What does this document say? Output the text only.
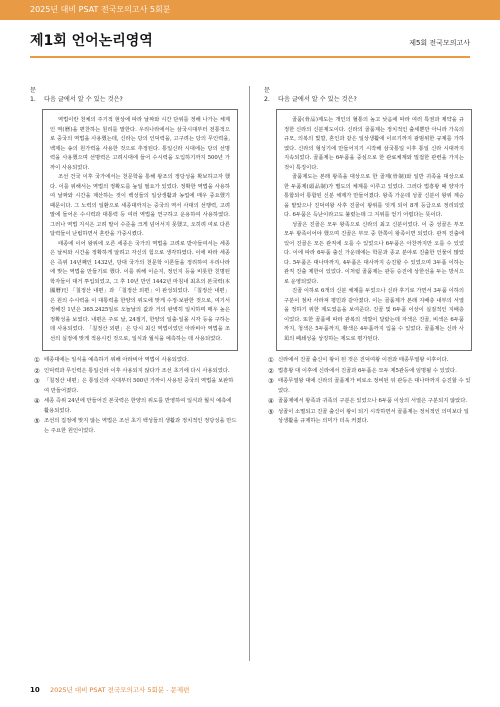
2025년 대비 PSAT 전국모의고사 5회분
제1회 언어논리영역	제5회 전국모의고사
문 1. 다음 글에서 알 수 있는 것은?

역법이란 천체의 주기적 현상에 따라 날짜와 시간 단위를 정해 나가는 체계인 역(曆)을 편찬하는 원리를 말한다. 우리나라에서는 삼국시대부터 전통적으로 중국의 역법을 사용했는데, 신라는 당의 인덕력을, 고구려는 당의 무인력을, 백제는 송의 원가력을 사용한 것으로 추정된다. 통일신라 시대에는 당의 선명력을 사용했으며 선명력은 고려시대에 들어 수시력을 도입하기까지 500년 가까이 사용되었다.

조선 건국 이후 국가에서는 천문학을 통해 왕조의 정당성을 확보하고자 했다. 이를 위해서는 역법의 정확도를 높일 필요가 있었다. 정확한 역법을 사용하여 날짜와 시간을 계산하는 것이 백성들의 일상생활과 농업에 매우 중요했기 때문이다. 그 노력의 일환으로 세종대까지는 중국의 역서 사대의 선행력, 고려 말에 들어온 수시력과 대통력 등 여러 역법을 연구하고 운용하여 사용하였다. 그러나 역법 지식은 고려 말이 수준을 크게 넘어서지 못했고, 오히려 여로 다른 달력들이 난립하면서 혼란을 가중시켰다.

태종에 이어 왕위에 오른 세종은 국가의 역법을 고려로 받아들여서는 세종은 날씨와 시간을 정확하게 알려고 자신의 힘으로 생각하였다. 이에 따라 세종은 즉위 14년째인 1432년, 당대 국가의 천문학 이론들을 정리하여 우리나라에 맞는 역법을 만들기로 했다. 이를 위해 이순지, 정인지 등을 비롯한 친명된 학자들이 대거 투입되었고, 그 후 10년 만인 1442년 마침내 최초의 본국력(本國曆)인 「칠정산 내편」과 「칠정산 외편」이 완성되었다. 「칠정산 내편」은 원의 수시력을 이 대통력을 한양의 위도에 맞게 수정·보완한 것으로, 여기서 정해진 1년은 365.2425일로 오늘날의 값과 거의 완벽히 일치하며 매우 높은 정확성을 보였다. 내편은 주로 날, 24절기, 한양의 일출·일몰 시각 등을 구하는 데 사용되었다. 「칠정산 외편」은 당시 최신 역법이었던 아라비아 역법을 조선의 실정에 맞게 적용시킨 것으로, 일식과 월식을 예측하는 데 사용되었다.

① 태종대에는 일식을 예측하기 위해 아라비아 역법이 사용되었다.
② 인덕력과 무인력은 통일신라 이후 사용되지 않다가 조선 초기에 다시 사용되었다.
③ 「칠정산 내편」은 통일신라 시대부터 500년 가까이 사용된 중국의 역법을 보완하여 만들어졌다.
④ 세종 즉위 24년에 만들어진 본국력은 한양의 위도를 반영하여 일식과 월식 예측에 활용되었다.
⑤ 조선의 집정에 맞지 않는 역법은 조선 초기 백성들의 생활과 정치적인 정당성을 만드는 주요한 원인이었다.
문 2. 다음 글에서 알 수 있는 것은?

골품(骨品)제도는 개인의 혈통의 높고 낮음에 따라 여러 특권과 제약을 규정한 신라의 신분제도이다. 신라의 골품제는 정치적인 출세뿐만 아니라 가옥의 규모, 의복의 빛깔, 혼인과 같은 일상생활에 이르기까지 광범위한 규제를 가하였다. 신라의 형성기에 만들어지기 시작해 삼국통일 이후 통일 신라 시대까지 지속되었다. 골품제는 6두품을 중심으로 한 관료체계와 밀접한 관련을 가지는 것이 특징이다.

골품제도는 본래 왕족을 대상으로 한 골제(骨制)와 일반 귀족을 대상으로 한 두품제(頭品制)가 별도의 체계를 이루고 있었다. 그러다 법흥왕 때 양자가 통합되어 통합된 신분 체제가 만들어졌다. 왕족 가운데 성골 신분이 왕위 계승을 맡았으나 진덕여왕 사후 진골이 왕위를 잇게 되어 8개 등급으로 정리되었다. 6두품은 득난이라고도 불렸는데 그 지위를 얻기 어렵다는 뜻이다.

성골은 진골은 모두 왕족으로 신라의 최고 신분이었다. 이 중 성골은 부모 모두 왕족이어야 했으며 진골은 부모 중 한쪽이 왕족이면 되었다. 관직 진출에 있어 진골은 모든 관직에 오를 수 있었으나 6두품은 아찬까지만 오를 수 있었다. 이에 따라 6두품 출신 가운데에는 학문과 종교 분야로 진출한 인물이 많았다. 5두품은 대나마까지, 4두품은 대사까지 승진할 수 있었으며 3두품 이하는 관직 진출 제한이 있었다. 이처럼 골품제는 관등 승진에 상한선을 두는 방식으로 운영되었다.

진골 이하로 6개의 신분 체계를 두었으나 신라 후기로 가면서 3두품 이하의 구분이 점차 사라져 평민과 같아졌다. 이는 골품제가 본래 지배층 내부의 서열을 정하기 위한 제도였음을 보여준다. 진골 및 6두품 이상이 실질적인 지배층이었다. 또한 골품에 따라 관복의 색깔이 달랐는데 자색은 진골, 비색은 6두품까지, 청색은 5두품까지, 황색은 4두품까지 입을 수 있었다. 골품제는 신라 사회의 폐쇄성을 상징하는 제도로 평가된다.

① 신라에서 진골 출신이 왕이 된 것은 진덕여왕 이전과 태종무열왕 이후이다.
② 법흥왕 대 이후에 신라에서 진골과 6두품은 모두 제5관등에 임명될 수 있었다.
③ 태종무열왕 대에 신라의 골품제가 비로소 정비된 뒤 관등은 대나마까지 승진할 수 있었다.
④ 골품제에서 왕족과 귀족의 구분은 있었으나 6두품 이상의 서열은 구분되지 않았다.
⑤ 성골이 소멸되고 진골 출신이 왕이 되기 시작하면서 골품제는 정치적인 의미보다 일상생활을 규제하는 의미가 더욱 커졌다.
10 2025년 대비 PSAT 전국모의고사 5회분 - 문제편
